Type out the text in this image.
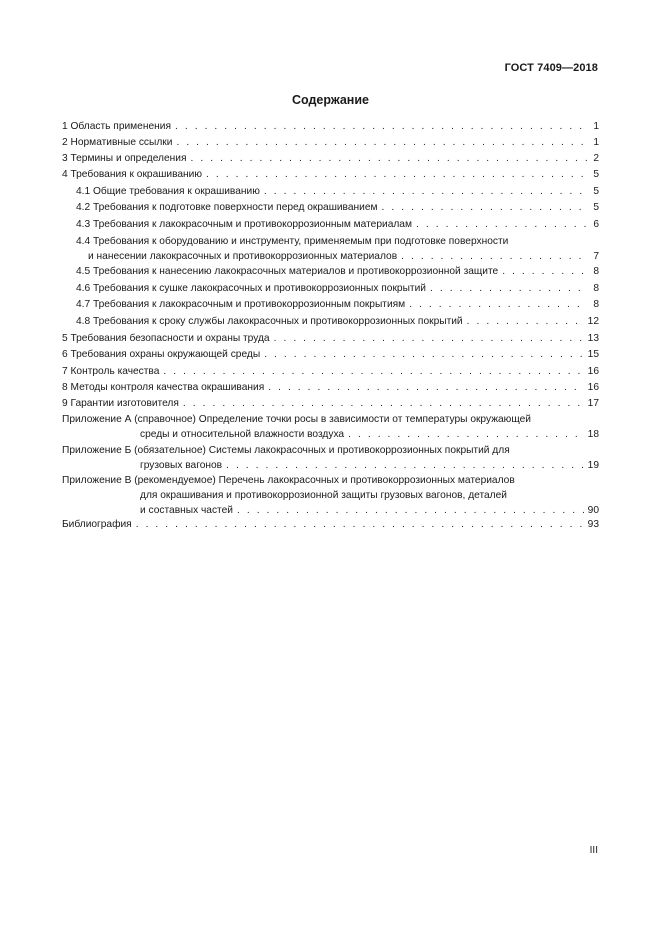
ГОСТ 7409—2018
Содержание
1 Область применения . . .	1
2 Нормативные ссылки . . .	1
3 Термины и определения . . .	2
4 Требования к окрашиванию . . .	5
4.1 Общие требования к окрашиванию . . .	5
4.2 Требования к подготовке поверхности перед окрашиванием . . .	5
4.3 Требования к лакокрасочным и противокоррозионным материалам . . .	6
4.4 Требования к оборудованию и инструменту, применяемым при подготовке поверхности
и нанесении лакокрасочных и противокоррозионных материалов . . .	7
4.5 Требования к нанесению лакокрасочных материалов и противокоррозионной защите . . .	8
4.6 Требования к сушке лакокрасочных и противокоррозионных покрытий . . .	8
4.7 Требования к лакокрасочным и противокоррозионным покрытиям . . .	8
4.8 Требования к сроку службы лакокрасочных и противокоррозионных покрытий . . .	12
5 Требования безопасности и охраны труда . . .	13
6 Требования охраны окружающей среды . . .	15
7 Контроль качества . . .	16
8 Методы контроля качества окрашивания . . .	16
9 Гарантии изготовителя . . .	17
Приложение А (справочное) Определение точки росы в зависимости от температуры окружающей
среды и относительной влажности воздуха . . .	18
Приложение Б (обязательное) Системы лакокрасочных и противокоррозионных покрытий для
грузовых вагонов . . .	19
Приложение В (рекомендуемое) Перечень лакокрасочных и противокоррозионных материалов
для окрашивания и противокоррозионной защиты грузовых вагонов, деталей
и составных частей . . .	90
Библиография . . .	93
III
